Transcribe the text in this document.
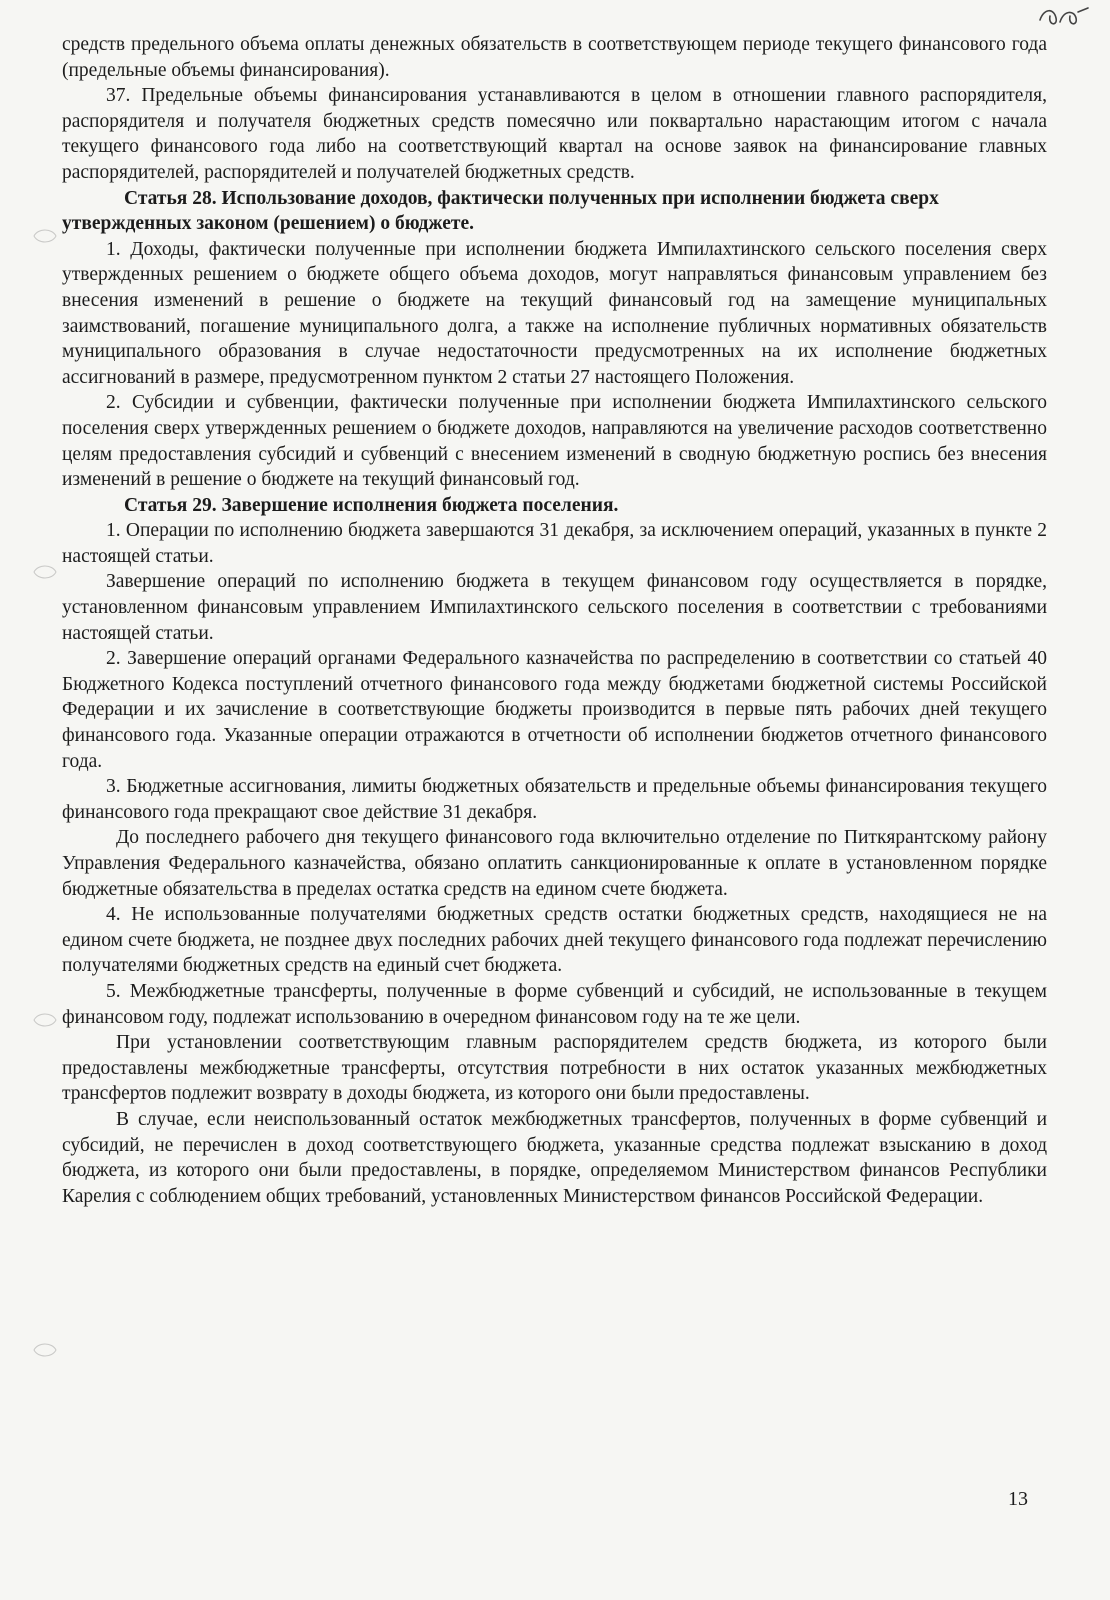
средств предельного объема оплаты денежных обязательств в соответствующем периоде текущего финансового года (предельные объемы финансирования).

37. Предельные объемы финансирования устанавливаются в целом в отношении главного распорядителя, распорядителя и получателя бюджетных средств помесячно или поквартально нарастающим итогом с начала текущего финансового года либо на соответствующий квартал на основе заявок на финансирование главных распорядителей, распорядителей и получателей бюджетных средств.

Статья 28. Использование доходов, фактически полученных при исполнении бюджета сверх утвержденных законом (решением) о бюджете.

1. Доходы, фактически полученные при исполнении бюджета Импилахтинского сельского поселения сверх утвержденных решением о бюджете общего объема доходов, могут направляться финансовым управлением без внесения изменений в решение о бюджете на текущий финансовый год на замещение муниципальных заимствований, погашение муниципального долга, а также на исполнение публичных нормативных обязательств муниципального образования в случае недостаточности предусмотренных на их исполнение бюджетных ассигнований в размере, предусмотренном пунктом 2 статьи 27 настоящего Положения.

2. Субсидии и субвенции, фактически полученные при исполнении бюджета Импилахтинского сельского поселения сверх утвержденных решением о бюджете доходов, направляются на увеличение расходов соответственно целям предоставления субсидий и субвенций с внесением изменений в сводную бюджетную роспись без внесения изменений в решение о бюджете на текущий финансовый год.

Статья 29. Завершение исполнения бюджета поселения.

1. Операции по исполнению бюджета завершаются 31 декабря, за исключением операций, указанных в пункте 2 настоящей статьи.

Завершение операций по исполнению бюджета в текущем финансовом году осуществляется в порядке, установленном финансовым управлением Импилахтинского сельского поселения в соответствии с требованиями настоящей статьи.

2. Завершение операций органами Федерального казначейства по распределению в соответствии со статьей 40 Бюджетного Кодекса поступлений отчетного финансового года между бюджетами бюджетной системы Российской Федерации и их зачисление в соответствующие бюджеты производится в первые пять рабочих дней текущего финансового года. Указанные операции отражаются в отчетности об исполнении бюджетов отчетного финансового года.

3. Бюджетные ассигнования, лимиты бюджетных обязательств и предельные объемы финансирования текущего финансового года прекращают свое действие 31 декабря.

До последнего рабочего дня текущего финансового года включительно отделение по Питкярантскому району Управления Федерального казначейства, обязано оплатить санкционированные к оплате в установленном порядке бюджетные обязательства в пределах остатка средств на едином счете бюджета.

4. Не использованные получателями бюджетных средств остатки бюджетных средств, находящиеся не на едином счете бюджета, не позднее двух последних рабочих дней текущего финансового года подлежат перечислению получателями бюджетных средств на единый счет бюджета.

5. Межбюджетные трансферты, полученные в форме субвенций и субсидий, не использованные в текущем финансовом году, подлежат использованию в очередном финансовом году на те же цели.

При установлении соответствующим главным распорядителем средств бюджета, из которого были предоставлены межбюджетные трансферты, отсутствия потребности в них остаток указанных межбюджетных трансфертов подлежит возврату в доходы бюджета, из которого они были предоставлены.

В случае, если неиспользованный остаток межбюджетных трансфертов, полученных в форме субвенций и субсидий, не перечислен в доход соответствующего бюджета, указанные средства подлежат взысканию в доход бюджета, из которого они были предоставлены, в порядке, определяемом Министерством финансов Республики Карелия с соблюдением общих требований, установленных Министерством финансов Российской Федерации.

13
